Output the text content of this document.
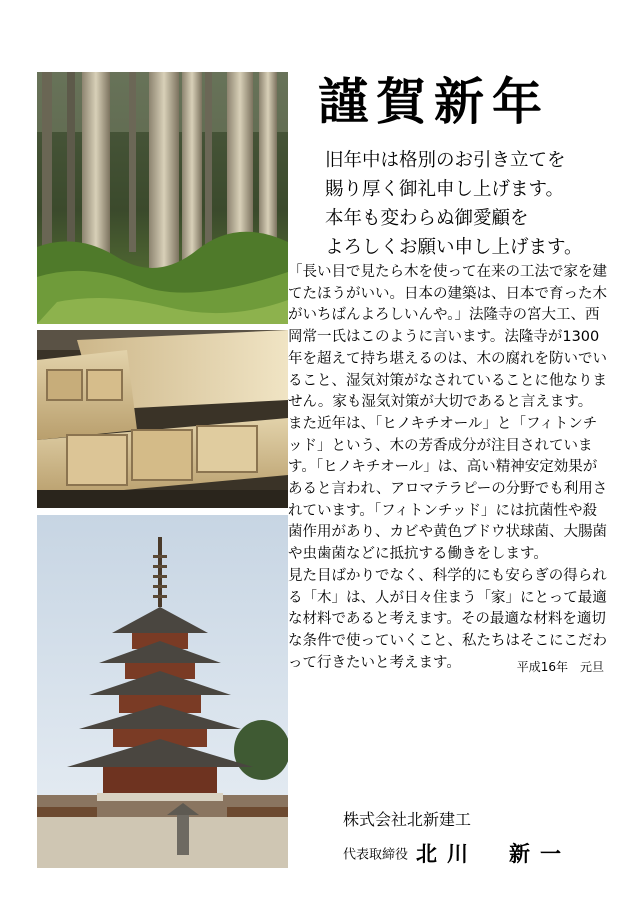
謹賀新年
旧年中は格別のお引き立てを
賜り厚く御礼申し上げます。
本年も変わらぬ御愛顧を
よろしくお願い申し上げます。

「長い目で見たら木を使って在来の工法で家を建てたほうがいい。日本の建築は、日本で育った木がいちばんよろしいんや。」法隆寺の宮大工、西岡常一氏はこのように言います。法隆寺が1300年を超えて持ち堪えるのは、木の腐れを防いでいること、湿気対策がなされていることに他なりません。家も湿気対策が大切であると言えます。

また近年は、「ヒノキチオール」と「フィトンチッド」という、木の芳香成分が注目されています。「ヒノキチオール」は、高い精神安定効果があると言われ、アロマテラピーの分野でも利用されています。「フィトンチッド」には抗菌性や殺菌作用があり、カビや黄色ブドウ状球菌、大腸菌や虫歯菌などに抵抗する働きをします。

見た目ばかりでなく、科学的にも安らぎの得られる「木」は、人が日々住まう「家」にとって最適な材料であると考えます。その最適な材料を適切な条件で使っていくこと、私たちはそこにこだわって行きたいと考えます。	平成16年　元旦

株式会社北新建工
代表取締役 北川　新一
